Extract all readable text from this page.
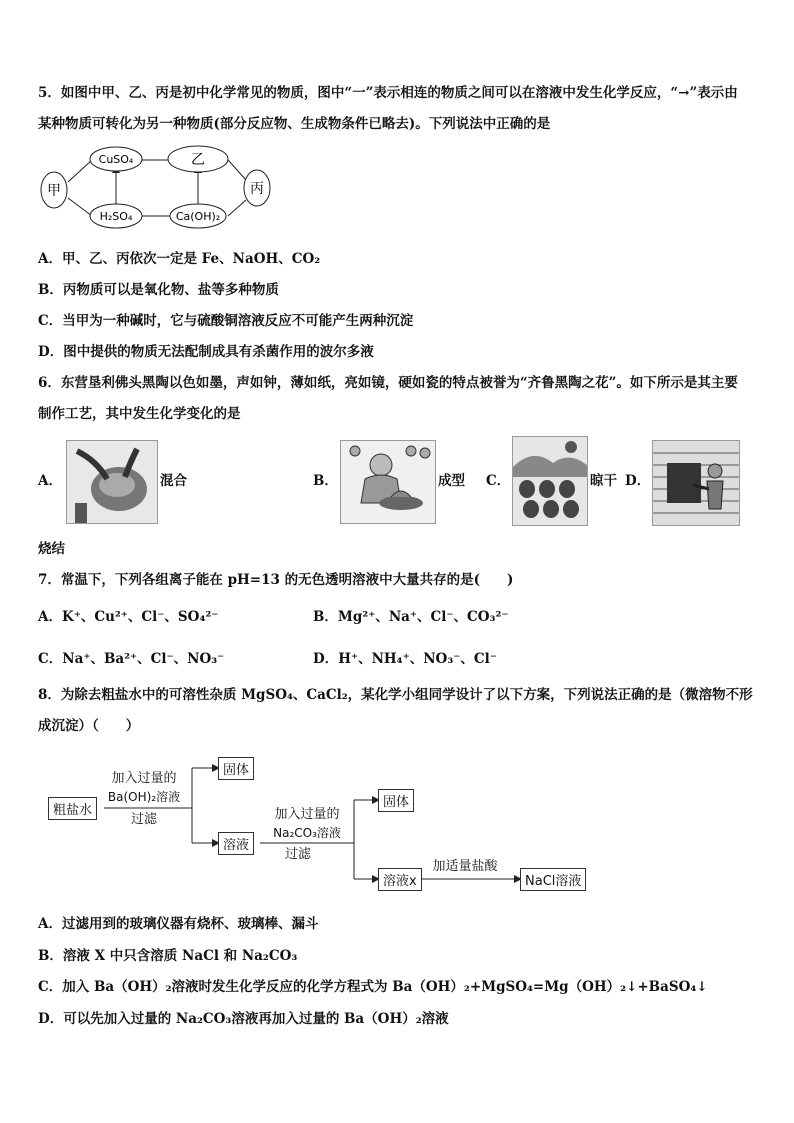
5．如图中甲、乙、丙是初中化学常见的物质，图中“一”表示相连的物质之间可以在溶液中发生化学反应，“→”表示由
某种物质可转化为另一种物质(部分反应物、生成物条件已略去)。下列说法中正确的是
甲
CuSO₄	乙
H₂SO₄	Ca(OH)₂
丙
A．甲、乙、丙依次一定是 Fe、NaOH、CO₂
B．丙物质可以是氧化物、盐等多种物质
C．当甲为一种碱时，它与硫酸铜溶液反应不可能产生两种沉淀
D．图中提供的物质无法配制成具有杀菌作用的波尔多液
6．东营垦利佛头黑陶以色如墨，声如钟，薄如纸，亮如镜，硬如瓷的特点被誉为“齐鲁黑陶之花”。如下所示是其主要
制作工艺，其中发生化学变化的是
A．	混合	B．	成型 C．	晾干 D．
烧结
7．常温下，下列各组离子能在 pH=13 的无色透明溶液中大量共存的是(　　)
A．K⁺、Cu²⁺、Cl⁻、SO₄²⁻	B．Mg²⁺、Na⁺、Cl⁻、CO₃²⁻
C．Na⁺、Ba²⁺、Cl⁻、NO₃⁻	D．H⁺、NH₄⁺、NO₃⁻、Cl⁻
8．为除去粗盐水中的可溶性杂质 MgSO₄、CaCl₂，某化学小组同学设计了以下方案，下列说法正确的是（微溶物不形
成沉淀）（　　）
粗盐水
加入过量的
Ba(OH)₂溶液
过滤
固体
溶液
加入过量的
Na₂CO₃溶液
过滤
固体
溶液x
加适量盐酸
NaCl溶液
A．过滤用到的玻璃仪器有烧杯、玻璃棒、漏斗
B．溶液 X 中只含溶质 NaCl 和 Na₂CO₃
C．加入 Ba（OH）₂溶液时发生化学反应的化学方程式为 Ba（OH）₂+MgSO₄=Mg（OH）₂↓+BaSO₄↓
D．可以先加入过量的 Na₂CO₃溶液再加入过量的 Ba（OH）₂溶液
